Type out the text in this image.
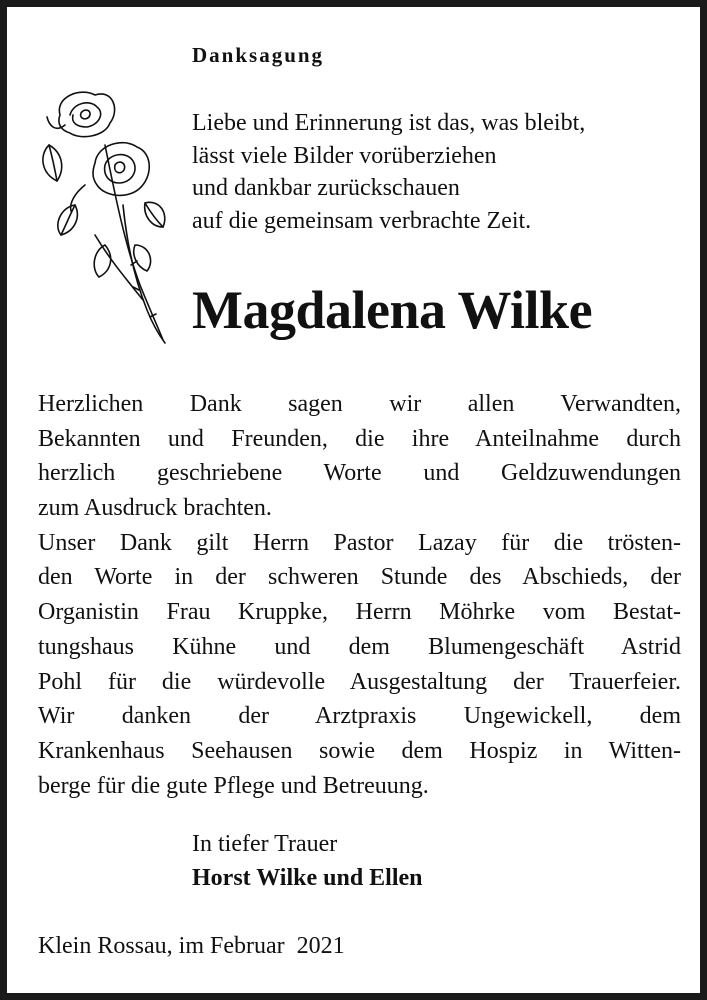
Danksagung
Liebe und Erinnerung ist das, was bleibt,
lässt viele Bilder vorüberziehen
und dankbar zurückschauen
auf die gemeinsam verbrachte Zeit.
Magdalena Wilke
Herzlichen Dank sagen wir allen Verwandten,
Bekannten und Freunden, die ihre Anteilnahme durch
herzlich geschriebene Worte und Geldzuwendungen
zum Ausdruck brachten.
Unser Dank gilt Herrn Pastor Lazay für die trösten-
den Worte in der schweren Stunde des Abschieds, der
Organistin Frau Kruppke, Herrn Möhrke vom Bestat-
tungshaus Kühne und dem Blumengeschäft Astrid
Pohl für die würdevolle Ausgestaltung der Trauerfeier.
Wir danken der Arztpraxis Ungewickell, dem
Krankenhaus Seehausen sowie dem Hospiz in Witten-
berge für die gute Pflege und Betreuung.
In tiefer Trauer
Horst Wilke und Ellen
Klein Rossau, im Februar  2021
